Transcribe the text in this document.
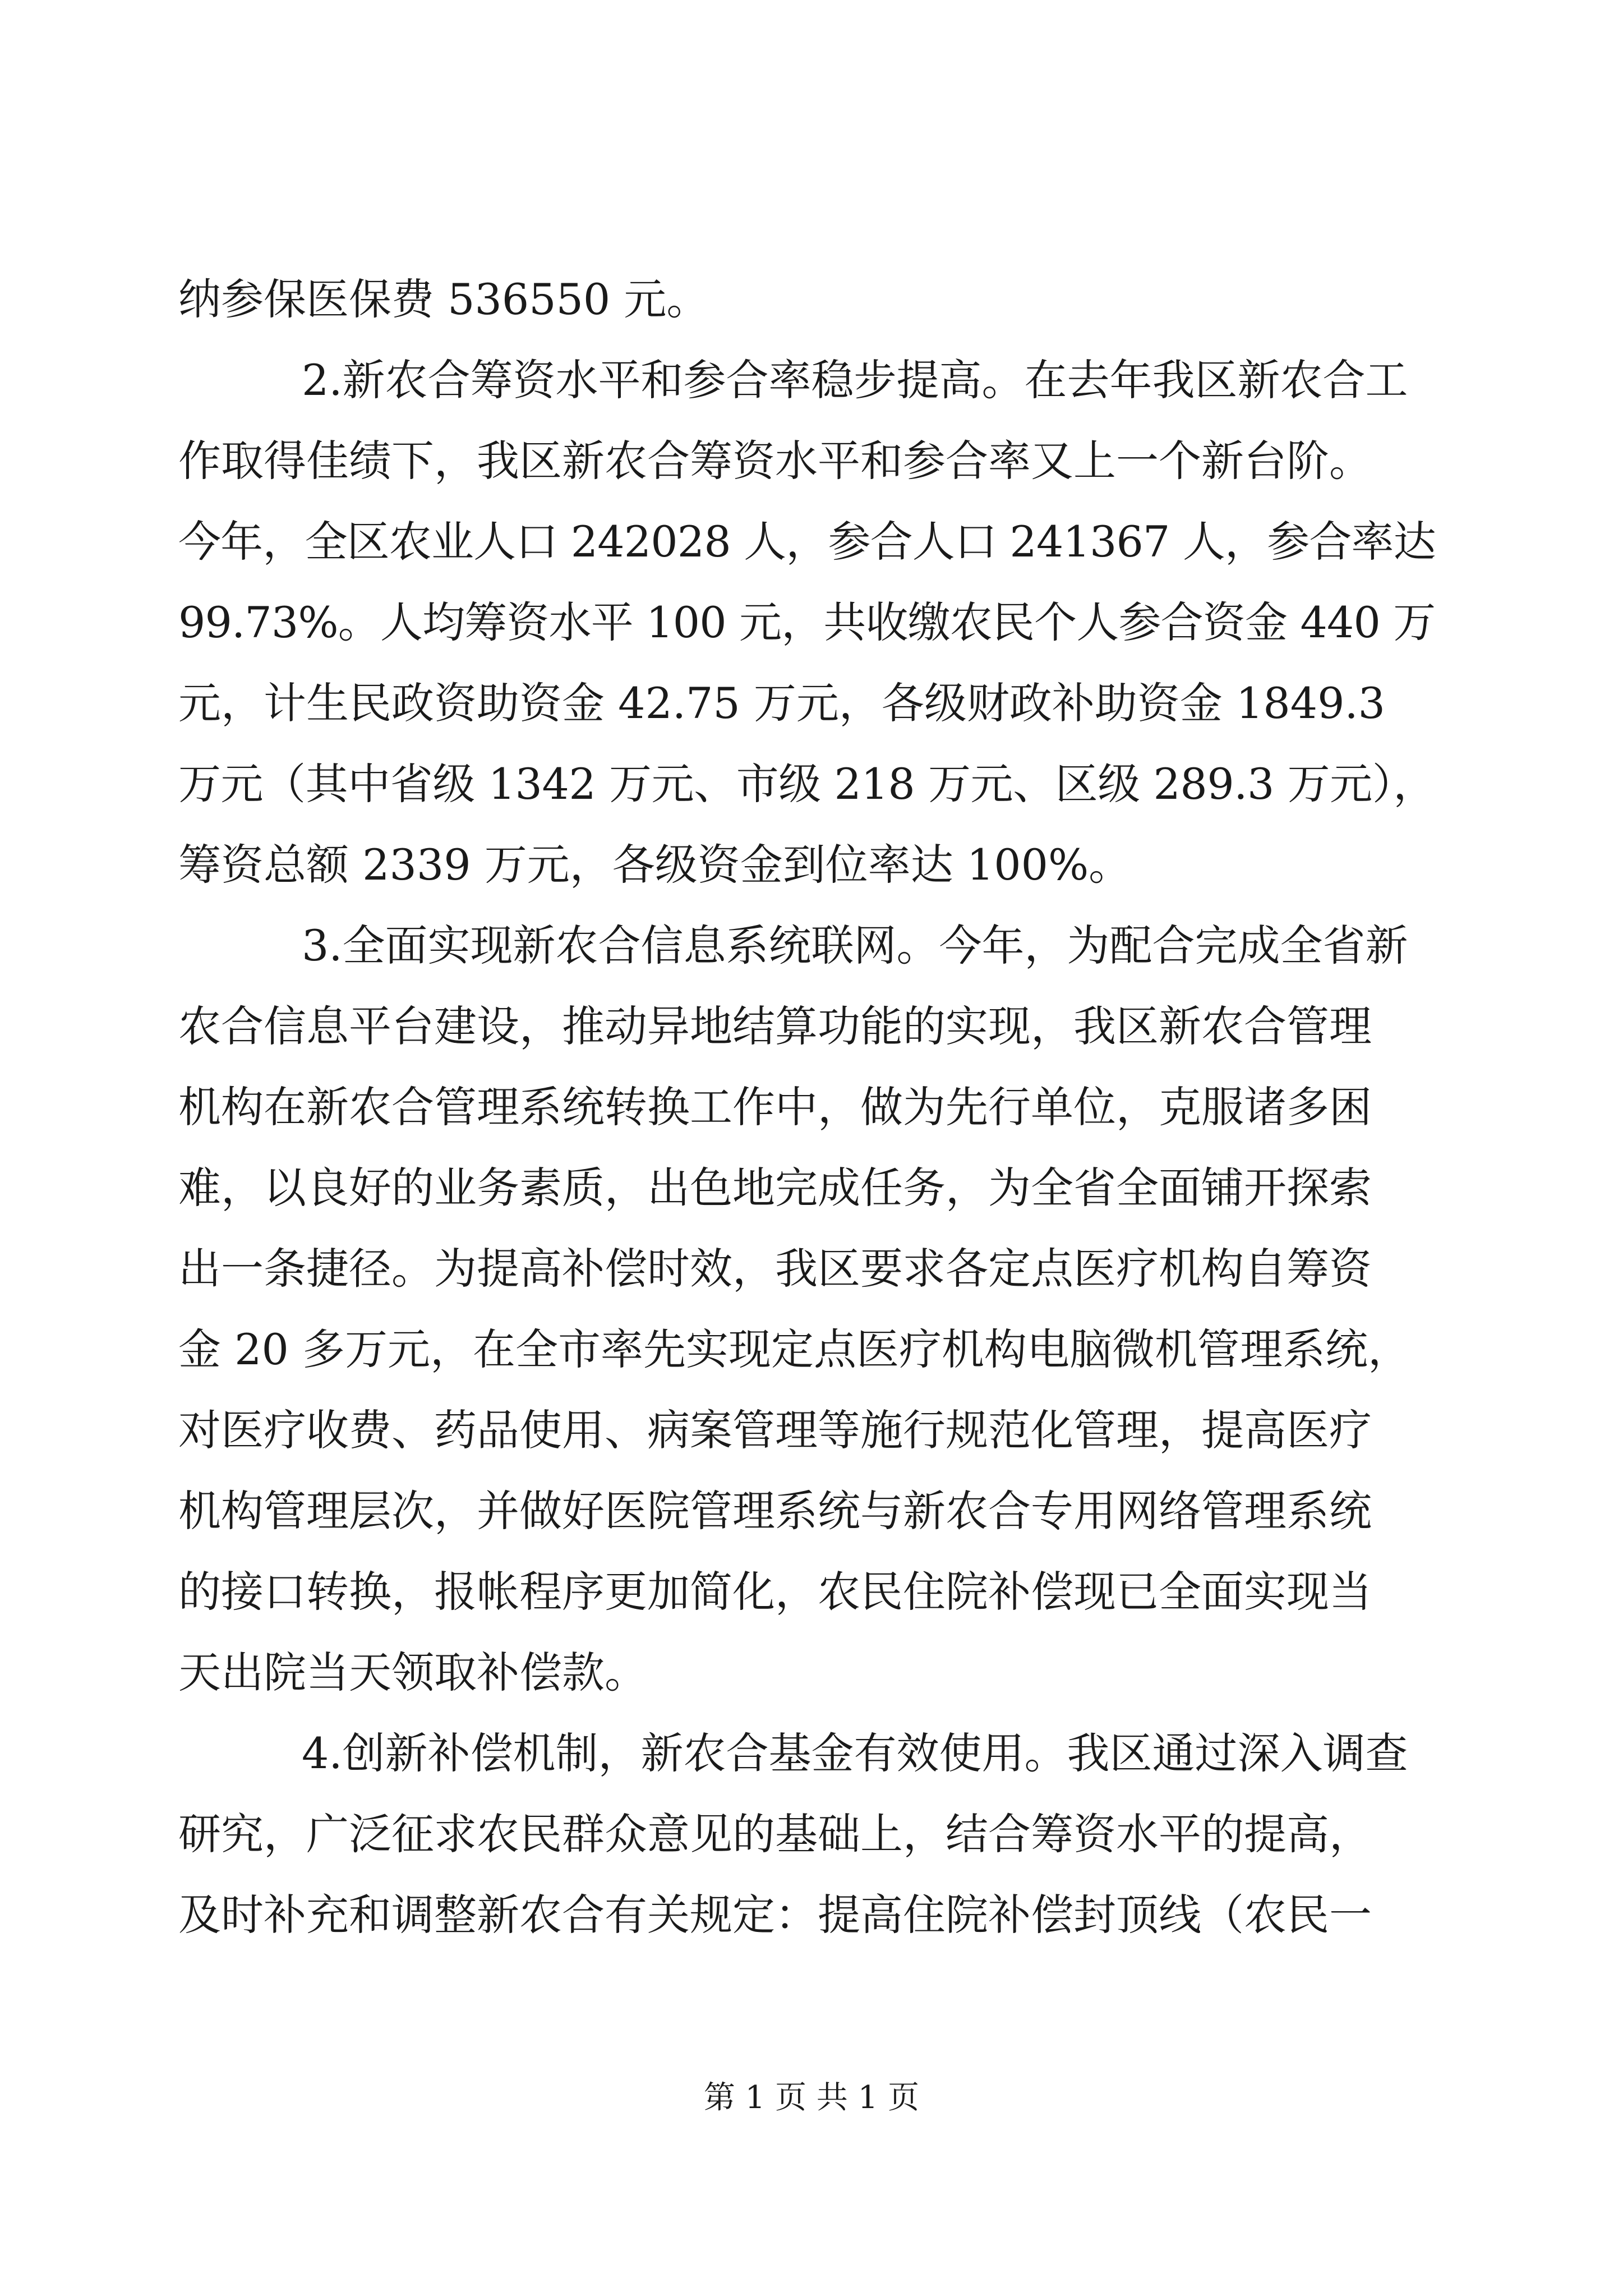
纳参保医保费 536550 元。
2.新农合筹资水平和参合率稳步提高。在去年我区新农合工
作取得佳绩下，我区新农合筹资水平和参合率又上一个新台阶。
今年，全区农业人口 242028 人，参合人口 241367 人，参合率达
99.73%。人均筹资水平 100 元，共收缴农民个人参合资金 440 万
元，计生民政资助资金 42.75 万元，各级财政补助资金 1849.3
万元（其中省级 1342 万元、市级 218 万元、区级 289.3 万元），
筹资总额 2339 万元，各级资金到位率达 100%。
3.全面实现新农合信息系统联网。今年，为配合完成全省新
农合信息平台建设，推动异地结算功能的实现，我区新农合管理
机构在新农合管理系统转换工作中，做为先行单位，克服诸多困
难，以良好的业务素质，出色地完成任务，为全省全面铺开探索
出一条捷径。为提高补偿时效，我区要求各定点医疗机构自筹资
金 20 多万元，在全市率先实现定点医疗机构电脑微机管理系统，
对医疗收费、药品使用、病案管理等施行规范化管理，提高医疗
机构管理层次，并做好医院管理系统与新农合专用网络管理系统
的接口转换，报帐程序更加简化，农民住院补偿现已全面实现当
天出院当天领取补偿款。
4.创新补偿机制，新农合基金有效使用。我区通过深入调查
研究，广泛征求农民群众意见的基础上，结合筹资水平的提高，
及时补充和调整新农合有关规定：提高住院补偿封顶线（农民一
第 1 页 共 1 页
